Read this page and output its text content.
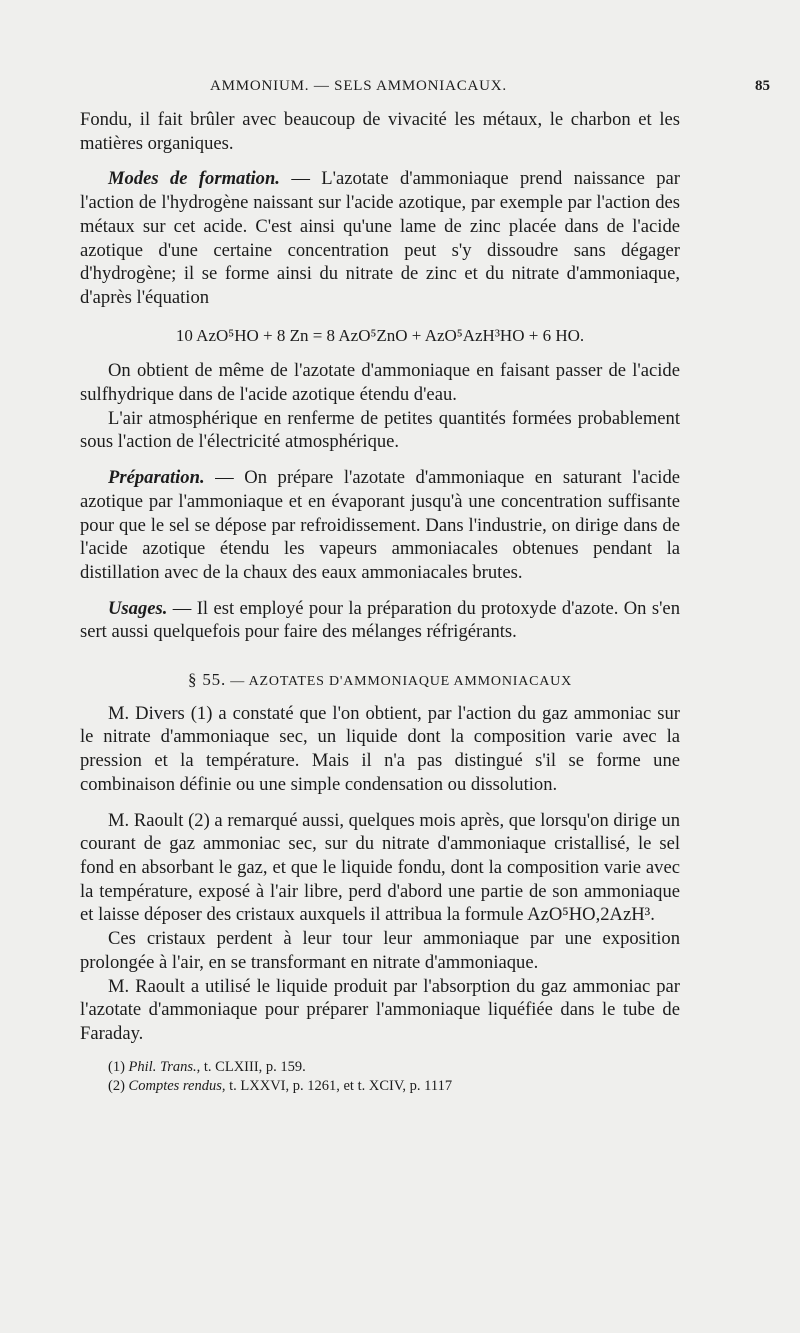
AMMONIUM. — SELS AMMONIACAUX.	85

Fondu, il fait brûler avec beaucoup de vivacité les métaux, le charbon et les matières organiques.

Modes de formation. — L'azotate d'ammoniaque prend naissance par l'action de l'hydrogène naissant sur l'acide azotique, par exemple par l'action des métaux sur cet acide. C'est ainsi qu'une lame de zinc placée dans de l'acide azotique d'une certaine concentration peut s'y dissoudre sans dégager d'hydrogène; il se forme ainsi du nitrate de zinc et du nitrate d'ammoniaque, d'après l'équation

10 AzO⁵HO + 8 Zn = 8 AzO⁵ZnO + AzO⁵AzH³HO + 6 HO.

On obtient de même de l'azotate d'ammoniaque en faisant passer de l'acide sulfhydrique dans de l'acide azotique étendu d'eau.

L'air atmosphérique en renferme de petites quantités formées probablement sous l'action de l'électricité atmosphérique.

Préparation. — On prépare l'azotate d'ammoniaque en saturant l'acide azotique par l'ammoniaque et en évaporant jusqu'à une concentration suffisante pour que le sel se dépose par refroidissement. Dans l'industrie, on dirige dans de l'acide azotique étendu les vapeurs ammoniacales obtenues pendant la distillation avec de la chaux des eaux ammoniacales brutes.

Usages. — Il est employé pour la préparation du protoxyde d'azote. On s'en sert aussi quelquefois pour faire des mélanges réfrigérants.

§ 55. — AZOTATES D'AMMONIAQUE AMMONIACAUX

M. Divers (1) a constaté que l'on obtient, par l'action du gaz ammoniac sur le nitrate d'ammoniaque sec, un liquide dont la composition varie avec la pression et la température. Mais il n'a pas distingué s'il se forme une combinaison définie ou une simple condensation ou dissolution.

M. Raoult (2) a remarqué aussi, quelques mois après, que lorsqu'on dirige un courant de gaz ammoniac sec, sur du nitrate d'ammoniaque cristallisé, le sel fond en absorbant le gaz, et que le liquide fondu, dont la composition varie avec la température, exposé à l'air libre, perd d'abord une partie de son ammoniaque et laisse déposer des cristaux auxquels il attribua la formule AzO⁵HO,2AzH³.

Ces cristaux perdent à leur tour leur ammoniaque par une exposition prolongée à l'air, en se transformant en nitrate d'ammoniaque.

M. Raoult a utilisé le liquide produit par l'absorption du gaz ammoniac par l'azotate d'ammoniaque pour préparer l'ammoniaque liquéfiée dans le tube de Faraday.

(1) Phil. Trans., t. CLXIII, p. 159.

(2) Comptes rendus, t. LXXVI, p. 1261, et t. XCIV, p. 1117
